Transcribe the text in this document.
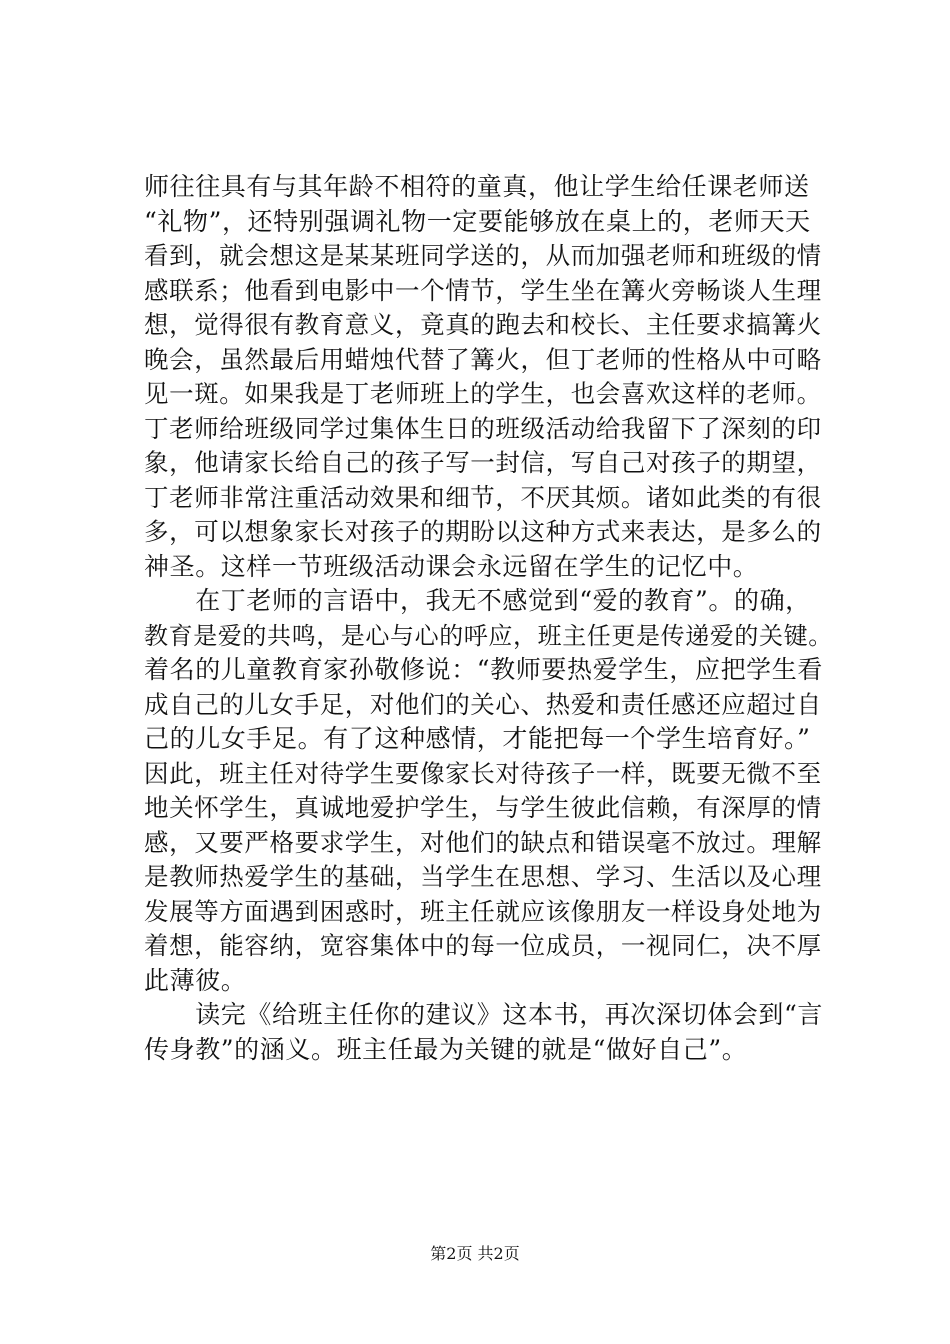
师往往具有与其年龄不相符的童真，他让学生给任课老师送
“礼物”，还特别强调礼物一定要能够放在桌上的，老师天天
看到，就会想这是某某班同学送的，从而加强老师和班级的情
感联系；他看到电影中一个情节，学生坐在篝火旁畅谈人生理
想，觉得很有教育意义，竟真的跑去和校长、主任要求搞篝火
晚会，虽然最后用蜡烛代替了篝火，但丁老师的性格从中可略
见一斑。如果我是丁老师班上的学生，也会喜欢这样的老师。
丁老师给班级同学过集体生日的班级活动给我留下了深刻的印
象，他请家长给自己的孩子写一封信，写自己对孩子的期望，
丁老师非常注重活动效果和细节，不厌其烦。诸如此类的有很
多，可以想象家长对孩子的期盼以这种方式来表达，是多么的
神圣。这样一节班级活动课会永远留在学生的记忆中。
　　在丁老师的言语中，我无不感觉到“爱的教育”。的确，
教育是爱的共鸣，是心与心的呼应，班主任更是传递爱的关键。
着名的儿童教育家孙敬修说：“教师要热爱学生，应把学生看
成自己的儿女手足，对他们的关心、热爱和责任感还应超过自
己的儿女手足。有了这种感情，才能把每一个学生培育好。”
因此，班主任对待学生要像家长对待孩子一样，既要无微不至
地关怀学生，真诚地爱护学生，与学生彼此信赖，有深厚的情
感，又要严格要求学生，对他们的缺点和错误毫不放过。理解
是教师热爱学生的基础，当学生在思想、学习、生活以及心理
发展等方面遇到困惑时，班主任就应该像朋友一样设身处地为
着想，能容纳，宽容集体中的每一位成员，一视同仁，决不厚
此薄彼。
　　读完《给班主任你的建议》这本书，再次深切体会到“言
传身教”的涵义。班主任最为关键的就是“做好自己”。
第2页 共2页
